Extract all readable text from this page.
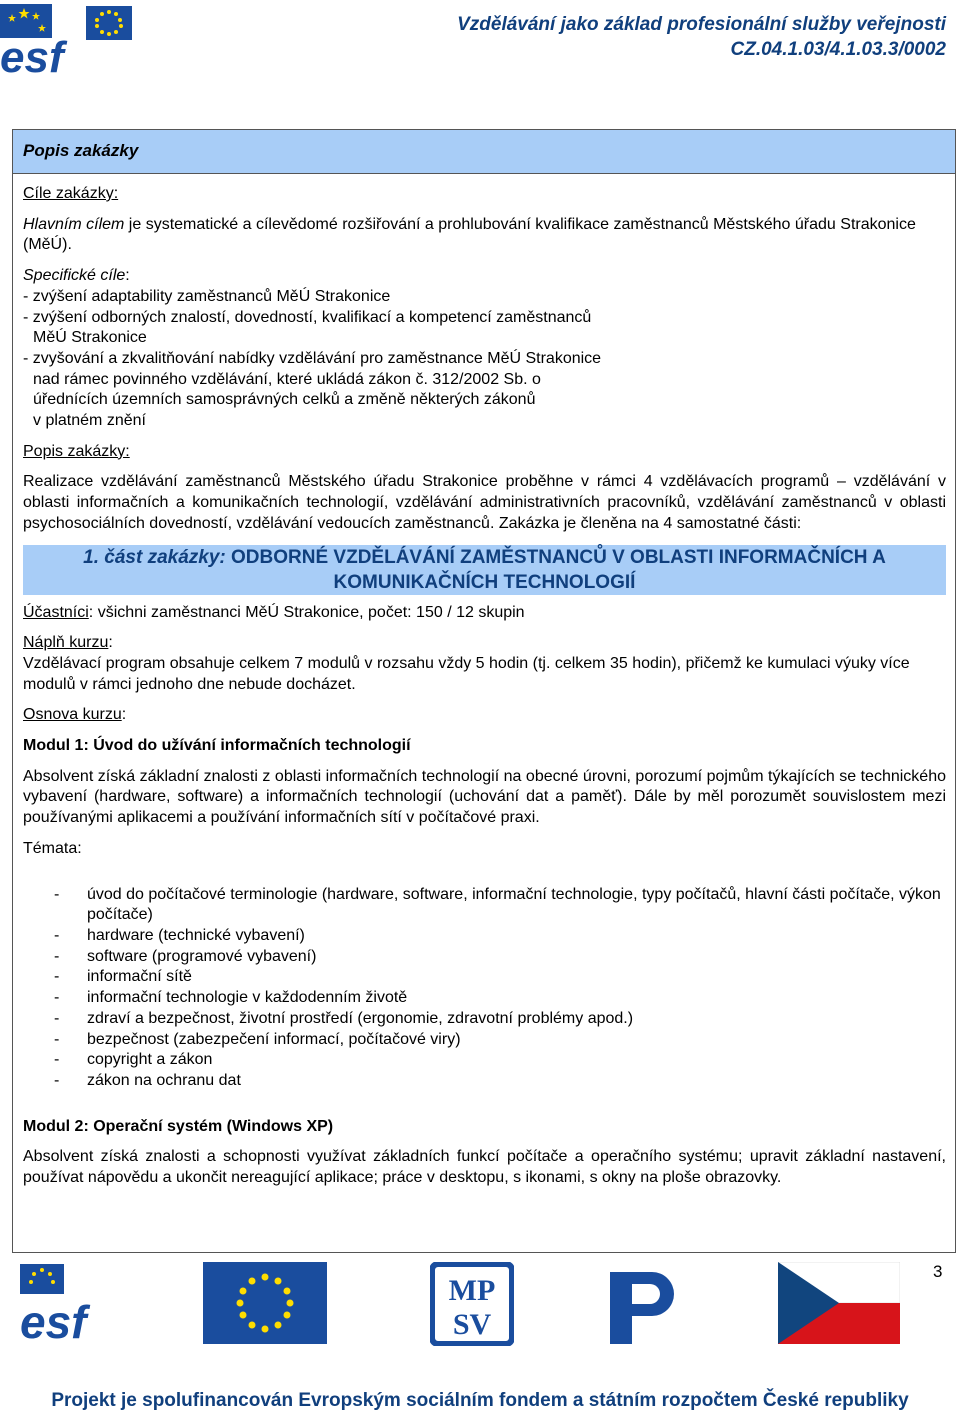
esf
Vzdělávání jako základ profesionální služby veřejnosti
CZ.04.1.03/4.1.03.3/0002
Popis zakázky

Cíle zakázky:

Hlavním cílem je systematické a cílevědomé rozšiřování a prohlubování kvalifikace zaměstnanců Městského úřadu Strakonice (MěÚ).

Specifické cíle:

- zvýšení adaptability zaměstnanců MěÚ Strakonice
- zvýšení odborných znalostí, dovedností, kvalifikací a kompetencí zaměstnanců
MěÚ Strakonice
- zvyšování a zkvalitňování nabídky vzdělávání pro zaměstnance MěÚ Strakonice
nad rámec povinného vzdělávání, které ukládá zákon č. 312/2002 Sb. o
úřednících územních samosprávných celků a změně některých zákonů
v platném znění

Popis zakázky:

Realizace vzdělávání zaměstnanců Městského úřadu Strakonice proběhne v rámci 4 vzdělávacích programů – vzdělávání v oblasti informačních a komunikačních technologií, vzdělávání administrativních pracovníků, vzdělávání zaměstnanců v oblasti psychosociálních dovedností, vzdělávání vedoucích zaměstnanců. Zakázka je členěna na 4 samostatné části:

1. část zakázky: ODBORNÉ VZDĚLÁVÁNÍ ZAMĚSTNANCŮ V OBLASTI INFORMAČNÍCH A
KOMUNIKAČNÍCH TECHNOLOGIÍ

Účastníci: všichni zaměstnanci MěÚ Strakonice, počet: 150 / 12 skupin

Náplň kurzu:

Vzdělávací program obsahuje celkem 7 modulů v rozsahu vždy 5 hodin (tj. celkem 35 hodin), přičemž ke kumulaci výuky více modulů v rámci jednoho dne nebude docházet.

Osnova kurzu:

Modul 1: Úvod do užívání informačních technologií

Absolvent získá základní znalosti z oblasti informačních technologií na obecné úrovni, porozumí pojmům týkajících se technického vybavení (hardware, software) a informačních technologií (uchování dat a paměť). Dále by měl porozumět souvislostem mezi používanými aplikacemi a používání informačních sítí v počítačové praxi.

Témata:

- úvod do počítačové terminologie (hardware, software, informační technologie, typy počítačů, hlavní části počítače, výkon počítače)
- hardware (technické vybavení)
- software (programové vybavení)
- informační sítě
- informační technologie v každodenním životě
- zdraví a bezpečnost, životní prostředí (ergonomie, zdravotní problémy apod.)
- bezpečnost (zabezpečení informací, počítačové viry)
- copyright a zákon
- zákon na ochranu dat

Modul 2: Operační systém (Windows XP)

Absolvent získá znalosti a schopnosti využívat základních funkcí počítače a operačního systému; upravit základní nastavení, používat nápovědu a ukončit nereagující aplikace; práce v desktopu, s ikonami, s okny na ploše obrazovky.

3
esf
MP
SV
Projekt je spolufinancován Evropským sociálním fondem a státním rozpočtem České republiky
